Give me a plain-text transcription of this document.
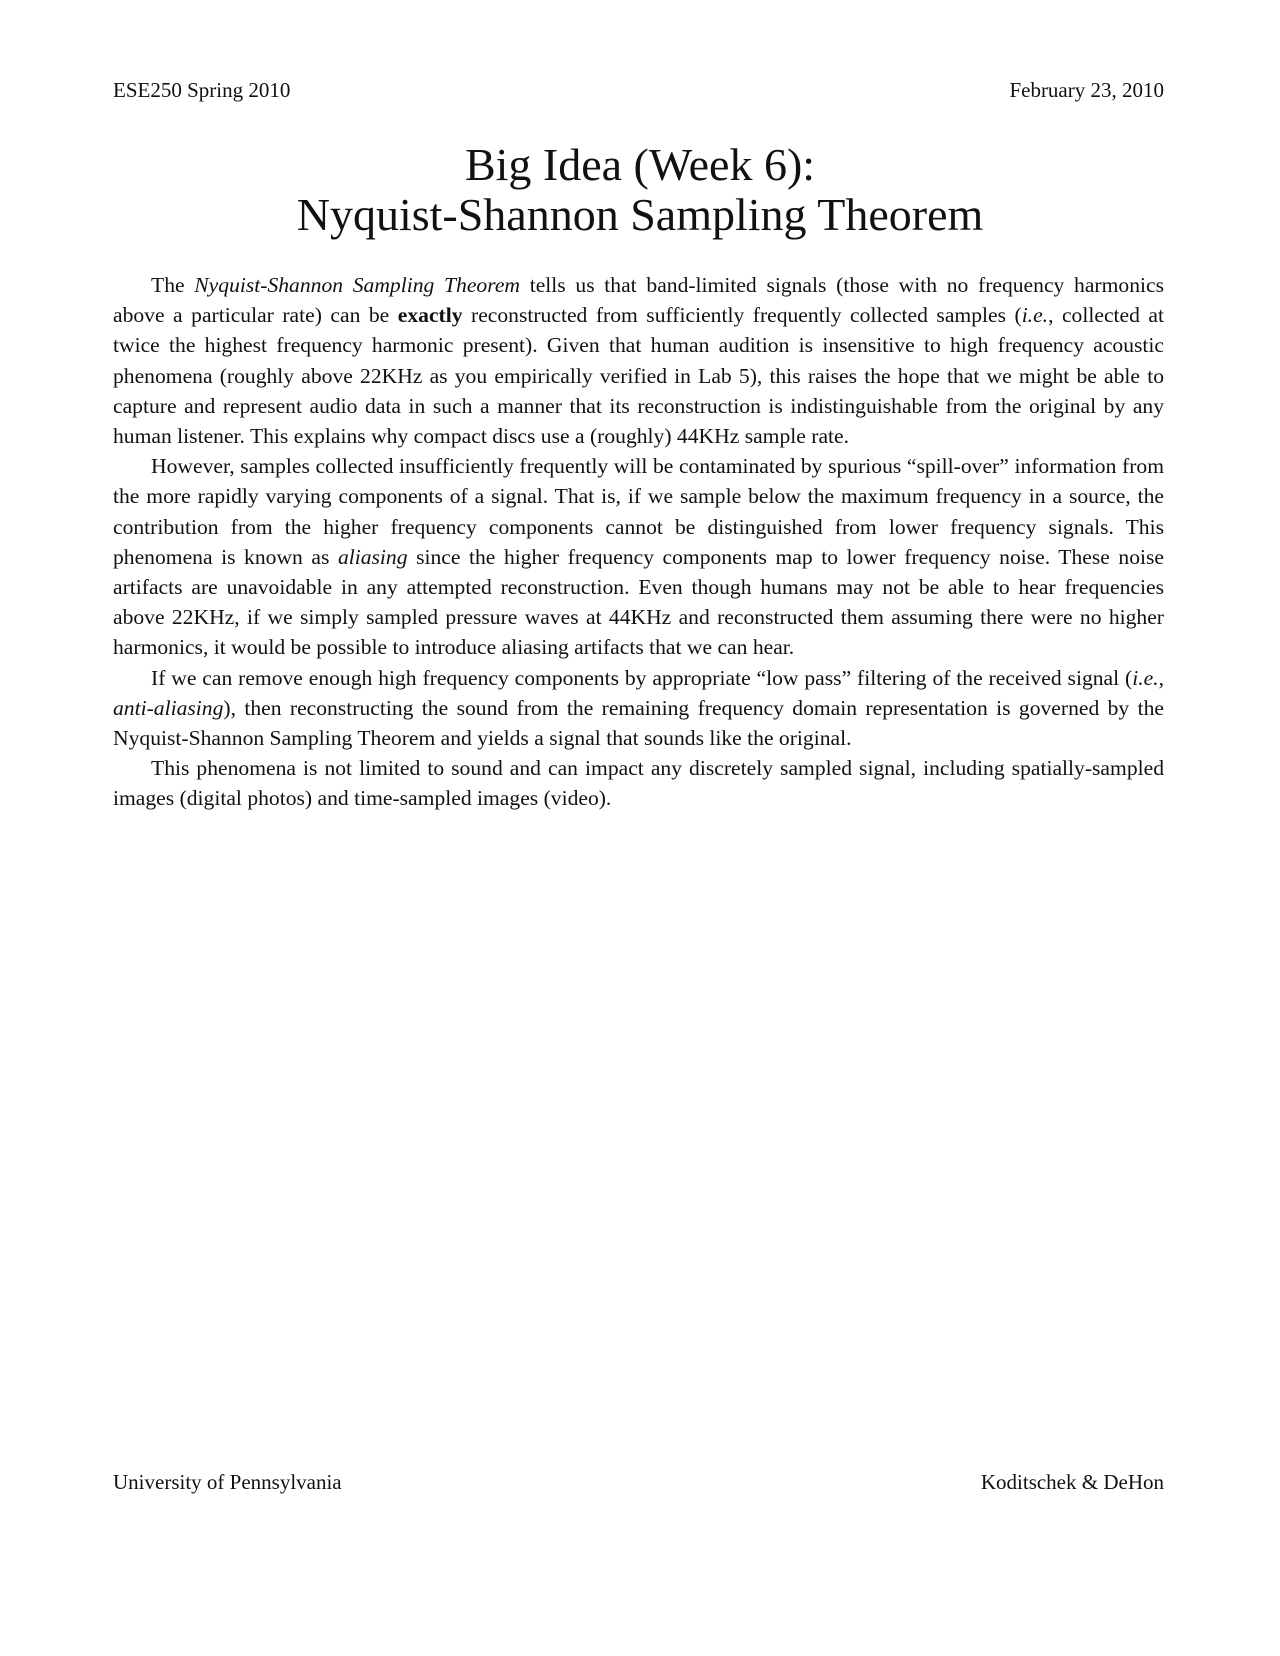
ESE250 Spring 2010	February 23, 2010
Big Idea (Week 6):
Nyquist-Shannon Sampling Theorem

The Nyquist-Shannon Sampling Theorem tells us that band-limited signals (those with no frequency harmonics above a particular rate) can be exactly reconstructed from sufficiently frequently collected samples (i.e., collected at twice the highest frequency harmonic present). Given that human audition is insensitive to high frequency acoustic phenomena (roughly above 22KHz as you empirically verified in Lab 5), this raises the hope that we might be able to capture and represent audio data in such a manner that its reconstruction is indistinguishable from the original by any human listener. This explains why compact discs use a (roughly) 44KHz sample rate.

However, samples collected insufficiently frequently will be contaminated by spurious “spill-over” information from the more rapidly varying components of a signal. That is, if we sample below the maximum frequency in a source, the contribution from the higher frequency components cannot be distinguished from lower frequency signals. This phenomena is known as aliasing since the higher frequency components map to lower frequency noise. These noise artifacts are unavoidable in any attempted reconstruction. Even though humans may not be able to hear frequencies above 22KHz, if we simply sampled pressure waves at 44KHz and reconstructed them assuming there were no higher harmonics, it would be possible to introduce aliasing artifacts that we can hear.

If we can remove enough high frequency components by appropriate “low pass” filtering of the received signal (i.e., anti-aliasing), then reconstructing the sound from the remaining frequency domain representation is governed by the Nyquist-Shannon Sampling Theorem and yields a signal that sounds like the original.

This phenomena is not limited to sound and can impact any discretely sampled signal, including spatially-sampled images (digital photos) and time-sampled images (video).

University of Pennsylvania	Koditschek & DeHon
